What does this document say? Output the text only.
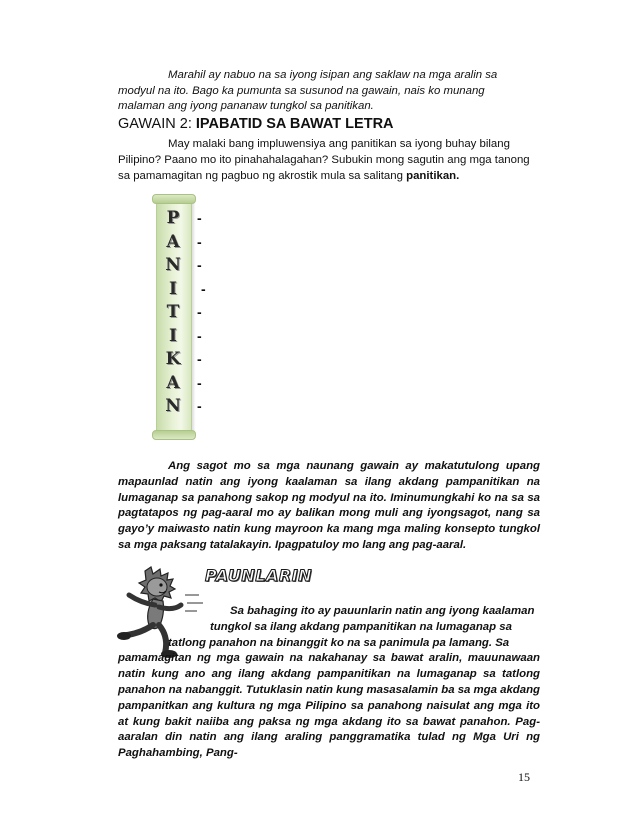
Marahil ay nabuo na sa iyong isipan ang saklaw na mga aralin sa modyul na ito. Bago ka pumunta sa susunod na gawain, nais ko munang malaman ang iyong pananaw tungkol sa panitikan.

GAWAIN 2: IPABATID SA BAWAT LETRA

May malaki bang impluwensiya ang panitikan sa iyong buhay bilang Pilipino? Paano mo ito pinahahalagahan? Subukin mong sagutin ang mga tanong sa pamamagitan ng pagbuo ng akrostik mula sa salitang panitikan.

P
A
N
I
T
I
K
A
N
-
-
-
-
-
-
-
-
-

Ang sagot mo sa mga naunang gawain ay makatutulong upang mapaunlad natin ang iyong kaalaman sa ilang akdang pampanitikan na lumaganap sa panahong sakop ng modyul na ito. Iminumungkahi ko na sa sa pagtatapos ng pag-aaral mo ay balikan mong muli ang iyongsagot, nang sa gayo’y maiwasto natin kung mayroon ka mang mga maling konsepto tungkol sa mga paksang tatalakayin. Ipagpatuloy mo lang ang pag-aaral.

PAUNLARIN

Sa bahaging ito ay pauunlarin natin ang iyong kaalaman
tungkol sa ilang akdang pampanitikan na lumaganap sa
tatlong panahon na binanggit ko na sa panimula pa lamang. Sa
pamamagitan ng mga gawain na nakahanay sa bawat aralin, mauunawaan natin kung ano ang ilang akdang pampanitikan na lumaganap sa tatlong panahon na nabanggit. Tutuklasin natin kung masasalamin ba sa mga akdang pampanitkan ang kultura ng mga Pilipino sa panahong naisulat ang mga ito at kung bakit naiiba ang paksa ng mga akdang ito sa bawat panahon. Pag-aaralan din natin ang ilang araling panggramatika tulad ng Mga Uri ng Paghahambing, Pang-

15
